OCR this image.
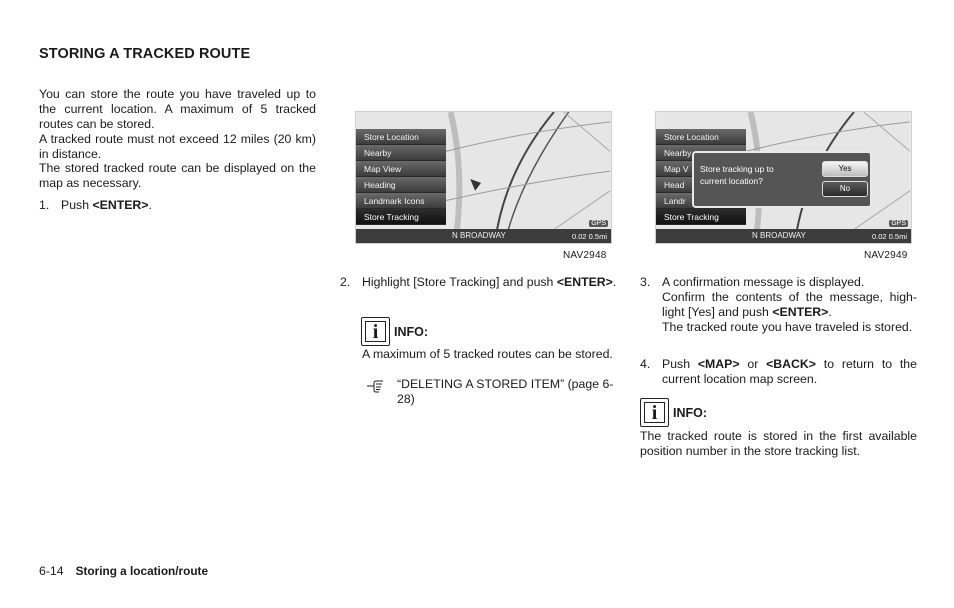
STORING A TRACKED ROUTE
You can store the route you have traveled up to the current location. A maximum of 5 tracked routes can be stored.
A tracked route must not exceed 12 miles (20 km) in distance.
The stored tracked route can be displayed on the map as necessary.
1. Push <ENTER>.
Store Location
Nearby
Map View
Heading
Landmark Icons
Store Tracking
N BROADWAY
GPS
0.02 0.5mi
NAV2948
Store Location
Nearby
Map V
Head
Landr
Store Tracking
Store tracking up to
current location?
Yes
No
N BROADWAY
GPS
0.02 0.5mi
NAV2949
2. Highlight [Store Tracking] and push <ENTER>.
i INFO:
A maximum of 5 tracked routes can be stored.
“DELETING A STORED ITEM” (page 6-28)
3. A confirmation message is displayed.
Confirm the contents of the message, high-light [Yes] and push <ENTER>.
The tracked route you have traveled is stored.
4. Push <MAP> or <BACK> to return to the current location map screen.
i INFO:
The tracked route is stored in the first available position number in the store tracking list.
6-14 Storing a location/route
